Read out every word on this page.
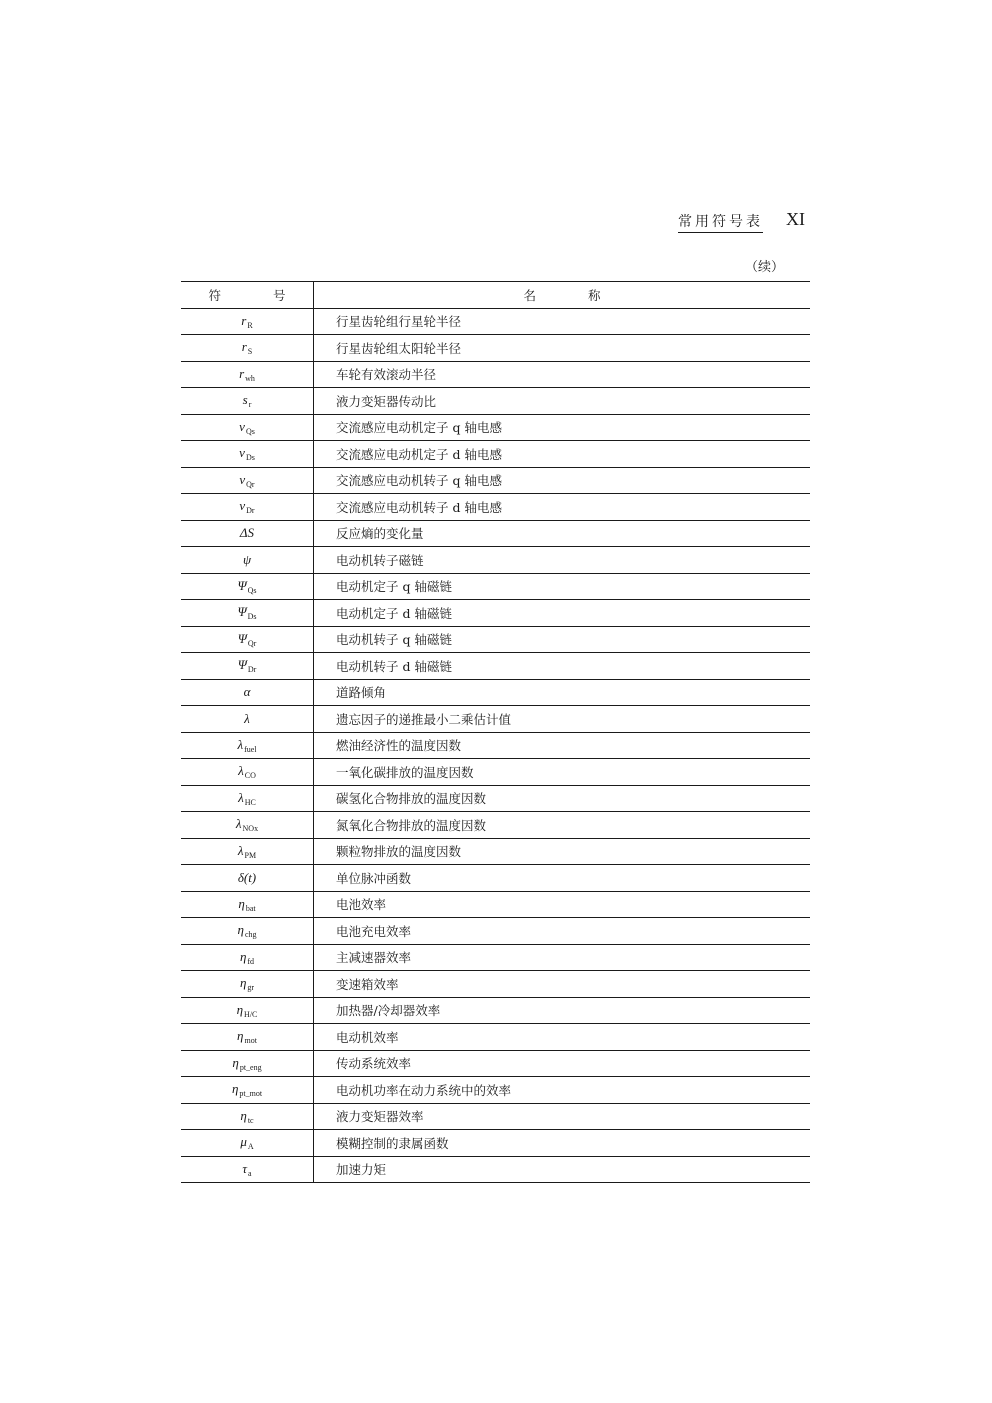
常用符号表 XI
（续）
符 号	名 称
$r_R$	行星齿轮组行星轮半径
$r_S$	行星齿轮组太阳轮半径
$r_{wh}$	车轮有效滚动半径
$s_r$	液力变矩器传动比
$v_{Qs}$	交流感应电动机定子 q 轴电感
$v_{Ds}$	交流感应电动机定子 d 轴电感
$v_{Qr}$	交流感应电动机转子 q 轴电感
$v_{Dr}$	交流感应电动机转子 d 轴电感
ΔS	反应熵的变化量
ψ	电动机转子磁链
$\Psi_{Qs}$	电动机定子 q 轴磁链
$\Psi_{Ds}$	电动机定子 d 轴磁链
$\Psi_{Qr}$	电动机转子 q 轴磁链
$\Psi_{Dr}$	电动机转子 d 轴磁链
α	道路倾角
λ	遗忘因子的递推最小二乘估计值
$\lambda_{fuel}$	燃油经济性的温度因数
$\lambda_{CO}$	一氧化碳排放的温度因数
$\lambda_{HC}$	碳氢化合物排放的温度因数
$\lambda_{NOx}$	氮氧化合物排放的温度因数
$\lambda_{PM}$	颗粒物排放的温度因数
δ(t)	单位脉冲函数
$\eta_{bat}$	电池效率
$\eta_{chg}$	电池充电效率
$\eta_{fd}$	主减速器效率
$\eta_{gr}$	变速箱效率
$\eta_{H/C}$	加热器/冷却器效率
$\eta_{mot}$	电动机效率
$\eta_{pt\_eng}$	传动系统效率
$\eta_{pt\_mot}$	电动机功率在动力系统中的效率
$\eta_{tc}$	液力变矩器效率
$\mu_A$	模糊控制的隶属函数
$\tau_a$	加速力矩
